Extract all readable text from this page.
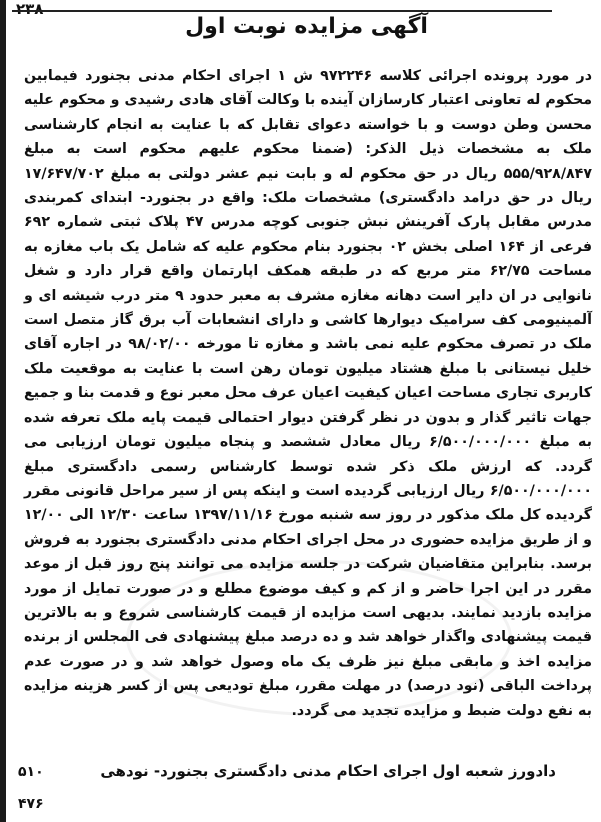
۲۳۸
آگهی مزایده نوبت اول
در مورد پرونده اجرائی کلاسه ۹۷۲۲۴۶ ش ۱ اجرای احکام مدنی بجنورد فیمابین محکوم له تعاونی اعتبار کارسازان آینده با وکالت آقای هادی رشیدی و محکوم علیه محسن وطن دوست و با خواسته دعوای تقابل که با عنایت به انجام کارشناسی ملک به مشخصات ذیل الذکر: (ضمنا محکوم علیهم محکوم است به مبلغ ۵۵۵/۹۲۸/۸۴۷ ریال در حق محکوم له و بابت نیم عشر دولتی به مبلغ ۱۷/۶۴۷/۷۰۲ ریال در حق درامد دادگستری) مشخصات ملک: واقع در بجنورد- ابتدای کمربندی مدرس مقابل پارک آفرینش نبش جنوبی کوچه مدرس ۴۷ پلاک ثبتی شماره ۶۹۲ فرعی از ۱۶۴ اصلی بخش ۰۲ بجنورد بنام محکوم علیه که شامل یک باب مغازه به مساحت ۶۲/۷۵ متر مربع که در طبقه همکف اپارتمان واقع قرار دارد و شغل نانوایی در ان دایر است دهانه مغازه مشرف به معبر حدود ۹ متر درب شیشه ای و آلمینیومی کف سرامیک دیوارها کاشی و دارای انشعابات آب برق گاز متصل است ملک در تصرف محکوم علیه نمی باشد و مغازه تا مورخه ۹۸/۰۲/۰۰ در اجاره آقای خلیل نیستانی با مبلغ هشتاد میلیون تومان رهن است با عنایت به موقعیت ملک کاربری تجاری مساحت اعیان کیفیت اعیان عرف محل معبر نوع و قدمت بنا و جمیع جهات تاثیر گذار و بدون در نظر گرفتن دیوار احتمالی قیمت پایه ملک تعرفه شده به مبلغ ۶/۵۰۰/۰۰۰/۰۰۰ ریال معادل ششصد و پنجاه میلیون تومان ارزیابی می گردد. که ارزش ملک ذکر شده توسط کارشناس رسمی دادگستری مبلغ ۶/۵۰۰/۰۰۰/۰۰۰ ریال ارزیابی گردیده است و اینکه پس از سیر مراحل قانونی مقرر گردیده کل ملک مذکور در روز سه شنبه مورخ ۱۳۹۷/۱۱/۱۶ ساعت ۱۲/۳۰ الی ۱۲/۰۰ و از طریق مزایده حضوری در محل اجرای احکام مدنی دادگستری بجنورد به فروش برسد. بنابراین متقاضیان شرکت در جلسه مزایده می توانند پنج روز قبل از موعد مقرر در این اجرا حاضر و از کم و کیف موضوع مطلع و در صورت تمایل از مورد مزایده بازدید نمایند. بدیهی است مزایده از قیمت کارشناسی شروع و به بالاترین قیمت پیشنهادی واگذار خواهد شد و ده درصد مبلغ پیشنهادی فی المجلس از برنده مزایده اخذ و مابقی مبلغ نیز ظرف یک ماه وصول خواهد شد و در صورت عدم پرداخت الباقی (نود درصد) در مهلت مقرر، مبلغ تودیعی پس از کسر هزینه مزایده به نفع دولت ضبط و مزایده تجدید می گردد.
دادورز شعبه اول اجرای احکام مدنی دادگستری بجنورد- نودهی
۵۱۰
۴۷۶
